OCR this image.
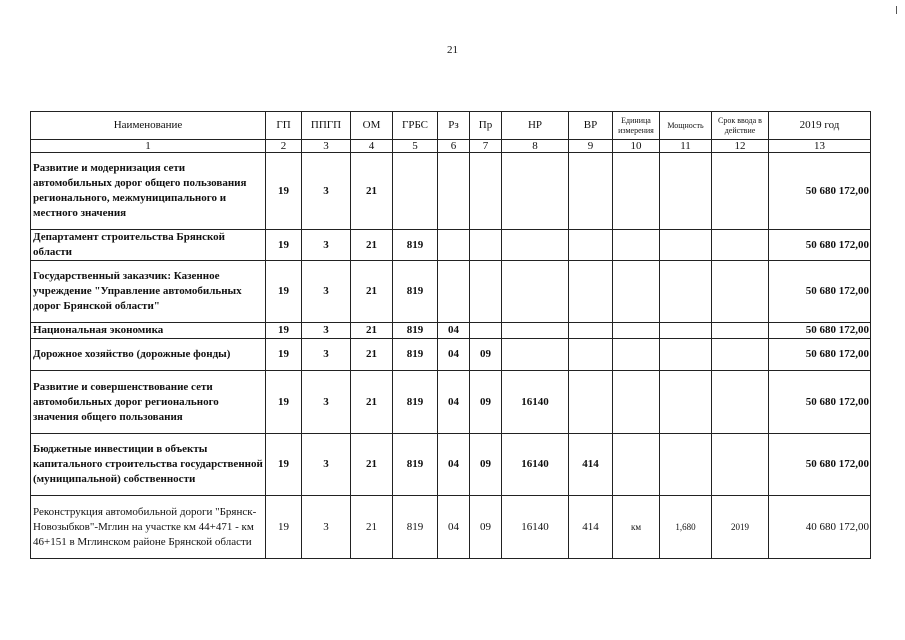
21
Наименование	ГП	ППГП	ОМ	ГРБС	Рз	Пр	НР	ВР	Единица измерения	Мощность	Срок ввода в действие	2019 год
1	2	3	4	5	6	7	8	9	10	11	12	13
Развитие и модернизация сети автомобильных дорог общего пользования регионального, межмуниципального и местного значения	19	3	21									50 680 172,00
Департамент строительства Брянской области	19	3	21	819								50 680 172,00
Государственный заказчик: Казенное учреждение "Управление автомобильных дорог Брянской области"	19	3	21	819								50 680 172,00
Национальная экономика	19	3	21	819	04							50 680 172,00
Дорожное хозяйство (дорожные фонды)	19	3	21	819	04	09						50 680 172,00
Развитие и совершенствование сети автомобильных дорог регионального значения общего пользования	19	3	21	819	04	09	16140					50 680 172,00
Бюджетные инвестиции в объекты капитального строительства государственной (муниципальной) собственности	19	3	21	819	04	09	16140	414				50 680 172,00
Реконструкция автомобильной дороги "Брянск-Новозыбков"-Мглин на участке км 44+471 - км 46+151 в Мглинском районе Брянской области	19	3	21	819	04	09	16140	414	км	1,680	2019	40 680 172,00
